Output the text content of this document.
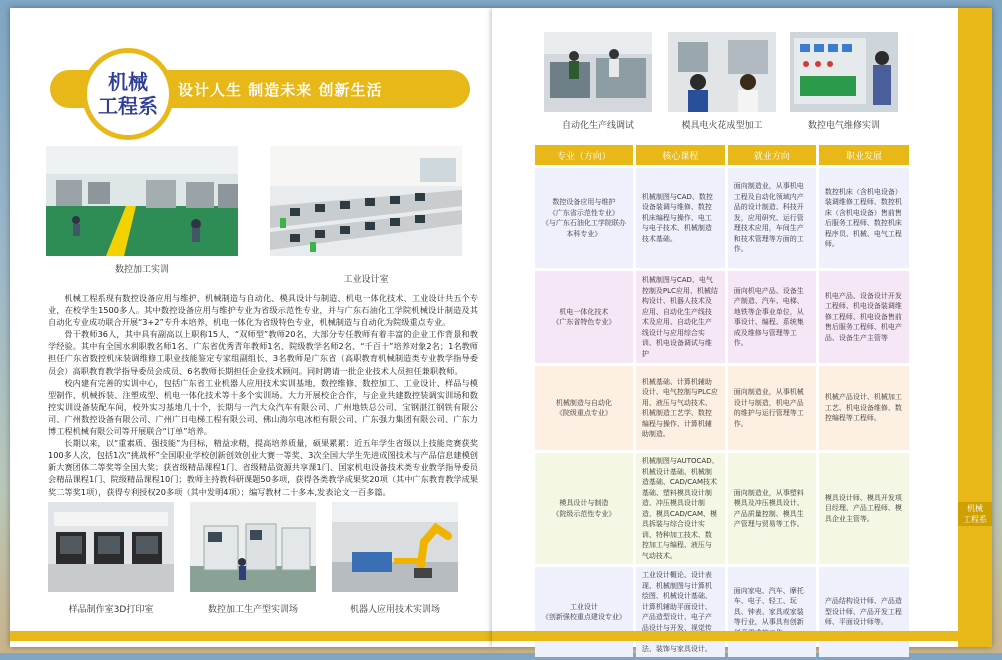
机械
工程系
设计人生 制造未来 创新生活
数控加工实训
工业设计室

机械工程系现有数控设备应用与维护、机械制造与自动化、模具设计与制造、机电一体化技术、工业设计共五个专业，在校学生1500多人。其中数控设备应用与维护专业为省级示范性专业，并与广东石油化工学院机械设计制造及其自动化专业成功联合开展“3+2”专升本培养，机电一体化为省级特色专业，机械制造与自动化为院级重点专业。

骨干教师36人，其中具有副高以上职称15人，“双师型”教师20名，大部分专任教师有着丰富的企业工作背景和教学经验。其中有全国水利职教名师1名、广东省优秀青年教师1名、院级教学名师2名、“千百十”培养对象2名；1名教师担任广东省数控机床装调维修工职业技能鉴定专家组副组长、3名教师是广东省（高职教育机械制造类专业教学指导委员会）高职教育教学指导委员会成员、6名教师长期担任企业技术顾问。同时聘请一批企业技术人员担任兼职教师。

校内建有完善的实训中心，包括广东省工业机器人应用技术实训基地，数控维修、数控加工、工业设计、样品与模型制作、机械拆装、注塑成型、机电一体化技术等十多个实训场。大力开展校企合作，与企业共建数控装调实训场和数控实训设备装配车间，校外实习基地几十个，长期与一汽大众汽车有限公司、广州地铁总公司、宝钢湛江钢铁有限公司、广州数控设备有限公司、广州广日电梯工程有限公司、佛山海尔电冰柜有限公司、广东强力集团有限公司、广东力博工程机械有限公司等开展联合“订单”培养。

长期以来，以“重素质、强技能”为目标，精益求精，提高培养质量，硕果累累：近五年学生省级以上技能竞赛获奖100多人次，包括1次“挑战杯”全国职业学校创新创效创业大赛一等奖、3次全国大学生先进成图技术与产品信息建模创新大赛团体二等奖等全国大奖；获省级精品课程1门、省级精品资源共享课1门、国家机电设备技术类专业教学指导委员会精品课程1门、院级精品课程10门；教师主持教科研课题50多项，获得各类教学成果奖20项（其中广东教育教学成果奖二等奖1项），获得专利授权20多项（其中发明4项）；编写教材二十多本,发表论文一百多篇。

样品制作室3D打印室	数控加工生产型实训场	机器人应用技术实训场
自动化生产线调试	模具电火花成型加工	数控电气维修实训
专业（方向）	核心课程	就业方向	职业发展
数控设备应用与维护
《广东省示范性专业》
《与广东石油化工学院联办本科专业》	机械制图与CAD、数控设备装调与维修、数控机床编程与操作、电工与电子技术、机械制造技术基础。	面向制造业，从事机电工程及自动化领域内产品的设计制造、科技开发，应用研究、运行管理技术应用，车间生产和技术管理等方面的工作。	数控机床（含机电设备）装调维修工程师、数控机床（含机电设备）售前售后服务工程师、数控机床程序员、机械、电气工程师。
机电一体化技术
《广东省特色专业》	机械制图与CAD、电气控制及PLC应用、机械结构设计、机器人技术及应用、自动化生产线技术及应用、自动化生产线设计与应用综合实训、机电设备调试与维护	面向机电产品、设备生产制造、汽车、电梯、地铁等企事业单位，从事设计、编程、系统集成及维修与管理等工作。	机电产品、设备设计开发工程师、机电设备装调维修工程师、机电设备售前售后服务工程师、机电产品、设备生产主管等
机械制造与自动化
《院级重点专业》	机械基础、计算机辅助设计、电气控制与PLC应用、液压与气动技术、机械制造工艺学、数控编程与操作、计算机辅助制造。	面向制造业，从事机械设计与制造，机电产品的维护与运行管理等工作。	机械产品设计、机械加工工艺、机电设备维修、数控编程等工程师。
模具设计与制造
《院级示范性专业》	机械制图与AUTOCAD、机械设计基础、机械制造基础、CAD/CAM技术基础、塑料模具设计制造、冲压模具设计制造、模具CAD/CAM、模具拆装与综合设计实训、特种加工技术、数控加工与编程、液压与气动技术。	面向制造业，从事塑料模具及冲压模具设计、产品质量控制、模具生产管理与贸易等工作。	模具设计师、模具开发项目经理、产品工程师、模具企业主管等。
工业设计
《创新强校重点建设专业》	工业设计概论、设计表现、机械制图与计算机绘图、机械设计基础、计算机辅助平面设计、产品造型设计、电子产品设计与开发、视觉传 法、装饰与家具设计。	面向家电、汽车、摩托车、电子、轻工、玩具、钟表、家具或家装等行业，从事具有创新	产品结构设计师、产品造型设计师、产品开发工程师、平面设计师等。
机械
工程系
